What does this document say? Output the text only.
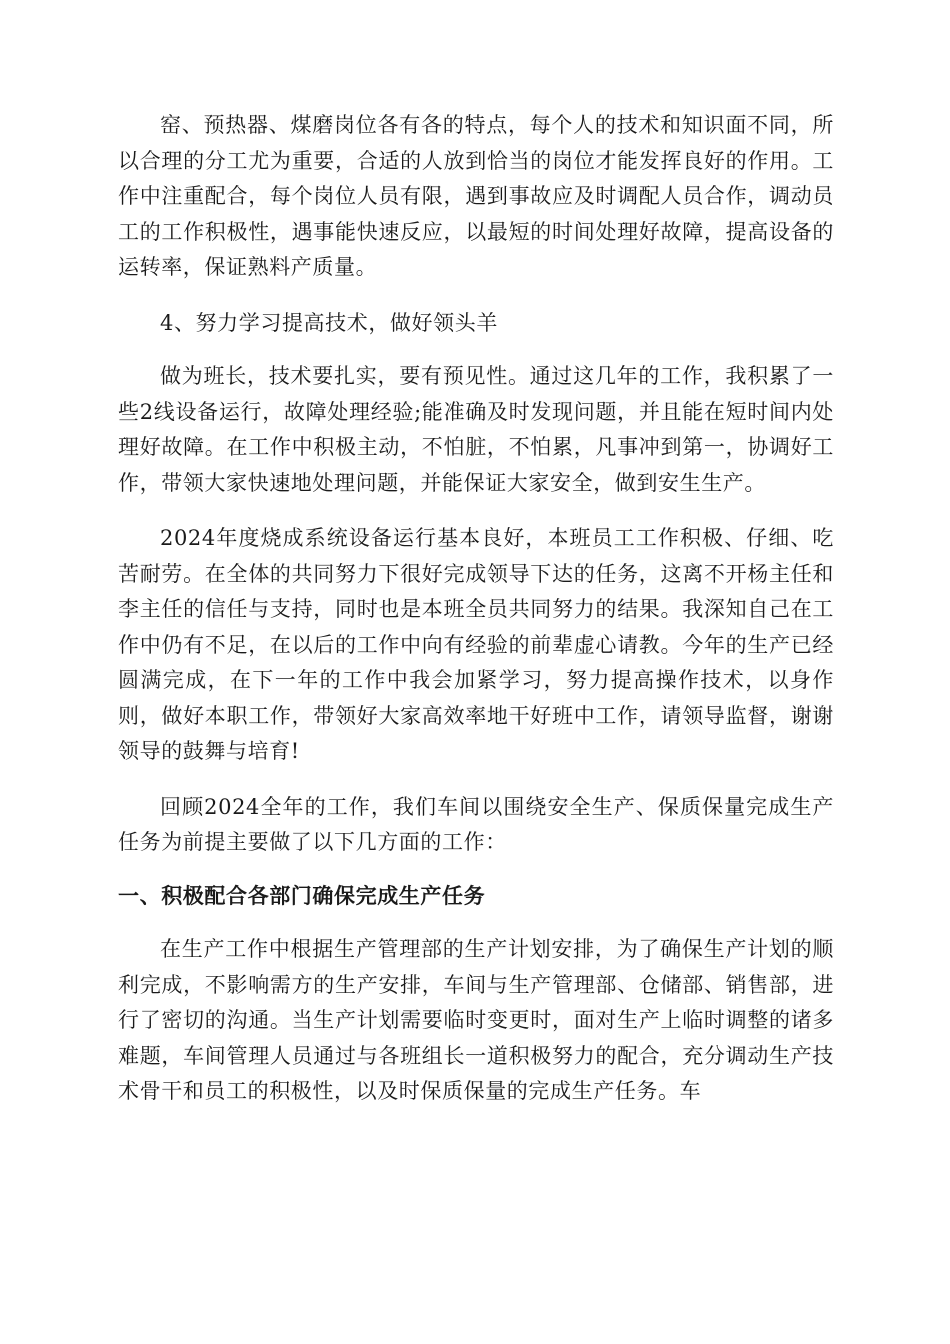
窑、预热器、煤磨岗位各有各的特点，每个人的技术和知识面不同，所以合理的分工尤为重要，合适的人放到恰当的岗位才能发挥良好的作用。工作中注重配合，每个岗位人员有限，遇到事故应及时调配人员合作，调动员工的工作积极性，遇事能快速反应，以最短的时间处理好故障，提高设备的运转率，保证熟料产质量。

4、努力学习提高技术，做好领头羊

做为班长，技术要扎实，要有预见性。通过这几年的工作，我积累了一些2线设备运行，故障处理经验;能准确及时发现问题，并且能在短时间内处理好故障。在工作中积极主动，不怕脏，不怕累，凡事冲到第一，协调好工作，带领大家快速地处理问题，并能保证大家安全，做到安生生产。

2024年度烧成系统设备运行基本良好，本班员工工作积极、仔细、吃苦耐劳。在全体的共同努力下很好完成领导下达的任务，这离不开杨主任和李主任的信任与支持，同时也是本班全员共同努力的结果。我深知自己在工作中仍有不足，在以后的工作中向有经验的前辈虚心请教。今年的生产已经圆满完成，在下一年的工作中我会加紧学习，努力提高操作技术，以身作则，做好本职工作，带领好大家高效率地干好班中工作，请领导监督，谢谢领导的鼓舞与培育!

回顾2024全年的工作，我们车间以围绕安全生产、保质保量完成生产任务为前提主要做了以下几方面的工作：

一、积极配合各部门确保完成生产任务

在生产工作中根据生产管理部的生产计划安排，为了确保生产计划的顺利完成，不影响需方的生产安排，车间与生产管理部、仓储部、销售部，进行了密切的沟通。当生产计划需要临时变更时，面对生产上临时调整的诸多难题，车间管理人员通过与各班组长一道积极努力的配合，充分调动生产技术骨干和员工的积极性，以及时保质保量的完成生产任务。车
